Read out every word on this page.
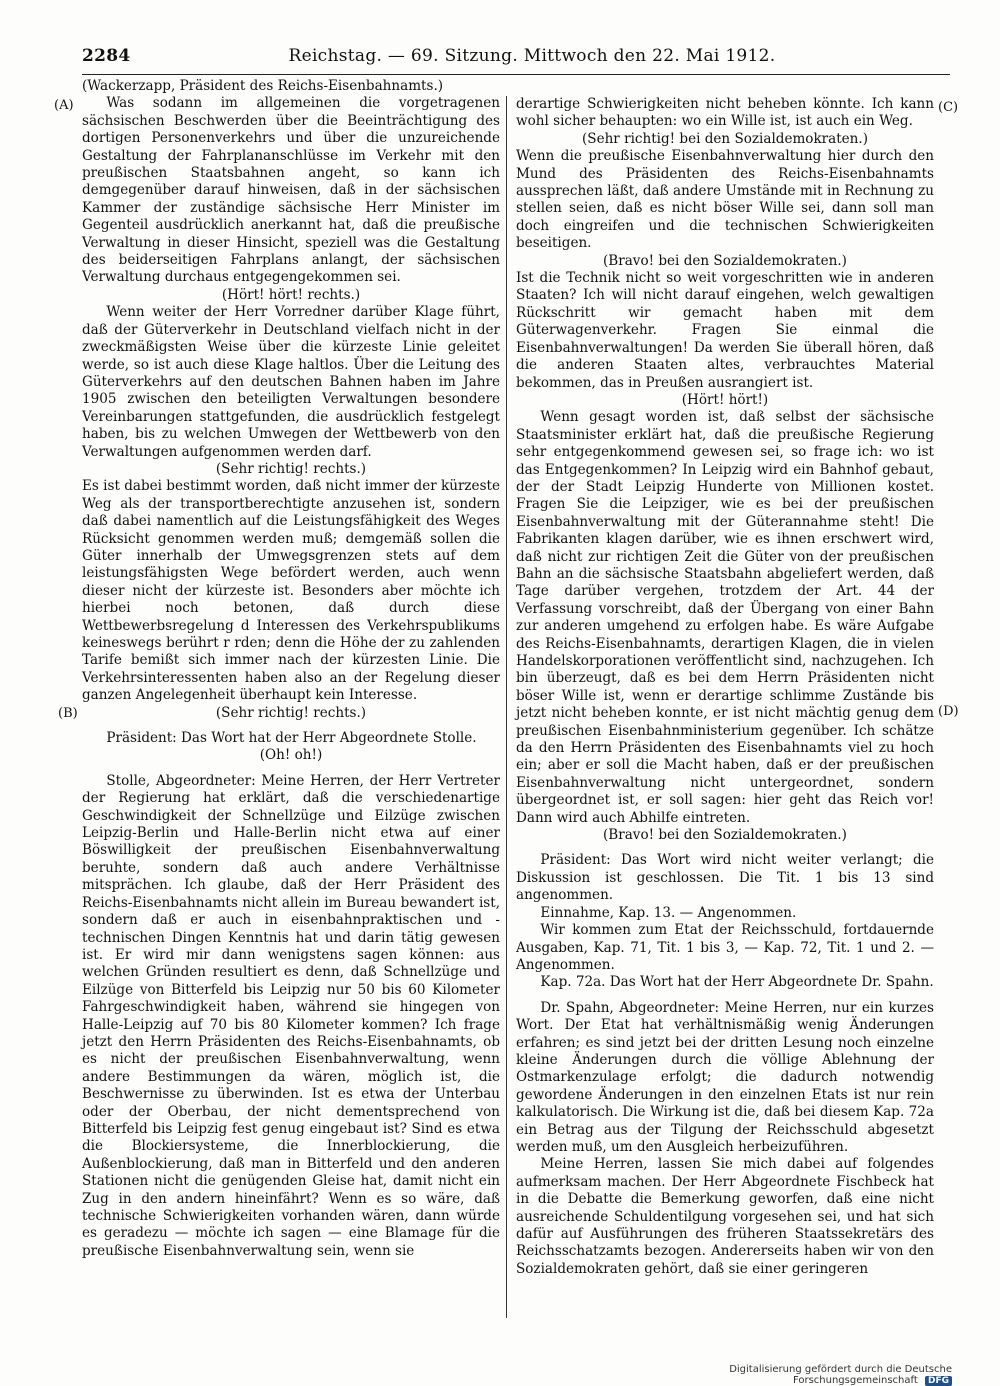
2284	Reichstag. — 69. Sitzung. Mittwoch den 22. Mai 1912.
(A)
(B)
(C)
(D)

(Wackerzapp, Präsident des Reichs-Eisenbahnamts.)

Was sodann im allgemeinen die vorgetragenen sächsischen Beschwerden über die Beeinträchtigung des dortigen Personenverkehrs und über die unzureichende Gestaltung der Fahrplananschlüsse im Verkehr mit den preußischen Staatsbahnen angeht, so kann ich demgegenüber darauf hinweisen, daß in der sächsischen Kammer der zuständige sächsische Herr Minister im Gegenteil ausdrücklich anerkannt hat, daß die preußische Verwaltung in dieser Hinsicht, speziell was die Gestaltung des beiderseitigen Fahrplans anlangt, der sächsischen Verwaltung durchaus entgegengekommen sei.

(Hört! hört! rechts.)

Wenn weiter der Herr Vorredner darüber Klage führt, daß der Güterverkehr in Deutschland vielfach nicht in der zweckmäßigsten Weise über die kürzeste Linie geleitet werde, so ist auch diese Klage haltlos. Über die Leitung des Güterverkehrs auf den deutschen Bahnen haben im Jahre 1905 zwischen den beteiligten Verwaltungen besondere Vereinbarungen stattgefunden, die ausdrücklich festgelegt haben, bis zu welchen Umwegen der Wettbewerb von den Verwaltungen aufgenommen werden darf.

(Sehr richtig! rechts.)

Es ist dabei bestimmt worden, daß nicht immer der kürzeste Weg als der transportberechtigte anzusehen ist, sondern daß dabei namentlich auf die Leistungsfähigkeit des Weges Rücksicht genommen werden muß; demgemäß sollen die Güter innerhalb der Umwegsgrenzen stets auf dem leistungsfähigsten Wege befördert werden, auch wenn dieser nicht der kürzeste ist. Besonders aber möchte ich hierbei noch betonen, daß durch diese Wettbewerbsregelung d Interessen des Verkehrspublikums keineswegs berührt r rden; denn die Höhe der zu zahlenden Tarife bemißt sich immer nach der kürzesten Linie. Die Verkehrsinteressenten haben also an der Regelung dieser ganzen Angelegenheit überhaupt kein Interesse.

(Sehr richtig! rechts.)

Präsident: Das Wort hat der Herr Abgeordnete Stolle.

(Oh! oh!)

Stolle, Abgeordneter: Meine Herren, der Herr Vertreter der Regierung hat erklärt, daß die verschiedenartige Geschwindigkeit der Schnellzüge und Eilzüge zwischen Leipzig-Berlin und Halle-Berlin nicht etwa auf einer Böswilligkeit der preußischen Eisenbahnverwaltung beruhte, sondern daß auch andere Verhältnisse mitsprächen. Ich glaube, daß der Herr Präsident des Reichs-Eisenbahnamts nicht allein im Bureau bewandert ist, sondern daß er auch in eisenbahnpraktischen und -technischen Dingen Kenntnis hat und darin tätig gewesen ist. Er wird mir dann wenigstens sagen können: aus welchen Gründen resultiert es denn, daß Schnellzüge und Eilzüge von Bitterfeld bis Leipzig nur 50 bis 60 Kilometer Fahrgeschwindigkeit haben, während sie hingegen von Halle-Leipzig auf 70 bis 80 Kilometer kommen? Ich frage jetzt den Herrn Präsidenten des Reichs-Eisenbahnamts, ob es nicht der preußischen Eisenbahnverwaltung, wenn andere Bestimmungen da wären, möglich ist, die Beschwernisse zu überwinden. Ist es etwa der Unterbau oder der Oberbau, der nicht dementsprechend von Bitterfeld bis Leipzig fest genug eingebaut ist? Sind es etwa die Blockiersysteme, die Innerblockierung, die Außenblockierung, daß man in Bitterfeld und den anderen Stationen nicht die genügenden Gleise hat, damit nicht ein Zug in den andern hineinfährt? Wenn es so wäre, daß technische Schwierigkeiten vorhanden wären, dann würde es geradezu — möchte ich sagen — eine Blamage für die preußische Eisenbahnverwaltung sein, wenn sie

derartige Schwierigkeiten nicht beheben könnte. Ich kann wohl sicher behaupten: wo ein Wille ist, ist auch ein Weg.

(Sehr richtig! bei den Sozialdemokraten.)

Wenn die preußische Eisenbahnverwaltung hier durch den Mund des Präsidenten des Reichs-Eisenbahnamts aussprechen läßt, daß andere Umstände mit in Rechnung zu stellen seien, daß es nicht böser Wille sei, dann soll man doch eingreifen und die technischen Schwierigkeiten beseitigen.

(Bravo! bei den Sozialdemokraten.)

Ist die Technik nicht so weit vorgeschritten wie in anderen Staaten? Ich will nicht darauf eingehen, welch gewaltigen Rückschritt wir gemacht haben mit dem Güterwagenverkehr. Fragen Sie einmal die Eisenbahnverwaltungen! Da werden Sie überall hören, daß die anderen Staaten altes, verbrauchtes Material bekommen, das in Preußen ausrangiert ist.

(Hört! hört!)

Wenn gesagt worden ist, daß selbst der sächsische Staatsminister erklärt hat, daß die preußische Regierung sehr entgegenkommend gewesen sei, so frage ich: wo ist das Entgegenkommen? In Leipzig wird ein Bahnhof gebaut, der der Stadt Leipzig Hunderte von Millionen kostet. Fragen Sie die Leipziger, wie es bei der preußischen Eisenbahnverwaltung mit der Güterannahme steht! Die Fabrikanten klagen darüber, wie es ihnen erschwert wird, daß nicht zur richtigen Zeit die Güter von der preußischen Bahn an die sächsische Staatsbahn abgeliefert werden, daß Tage darüber vergehen, trotzdem der Art. 44 der Verfassung vorschreibt, daß der Übergang von einer Bahn zur anderen umgehend zu erfolgen habe. Es wäre Aufgabe des Reichs-Eisenbahnamts, derartigen Klagen, die in vielen Handelskorporationen veröffentlicht sind, nachzugehen. Ich bin überzeugt, daß es bei dem Herrn Präsidenten nicht böser Wille ist, wenn er derartige schlimme Zustände bis jetzt nicht beheben konnte, er ist nicht mächtig genug dem preußischen Eisenbahnministerium gegenüber. Ich schätze da den Herrn Präsidenten des Eisenbahnamts viel zu hoch ein; aber er soll die Macht haben, daß er der preußischen Eisenbahnverwaltung nicht untergeordnet, sondern übergeordnet ist, er soll sagen: hier geht das Reich vor! Dann wird auch Abhilfe eintreten.

(Bravo! bei den Sozialdemokraten.)

Präsident: Das Wort wird nicht weiter verlangt; die Diskussion ist geschlossen. Die Tit. 1 bis 13 sind angenommen.

Einnahme, Kap. 13. — Angenommen.

Wir kommen zum Etat der Reichsschuld, fortdauernde Ausgaben, Kap. 71, Tit. 1 bis 3, — Kap. 72, Tit. 1 und 2. — Angenommen.

Kap. 72a. Das Wort hat der Herr Abgeordnete Dr. Spahn.

Dr. Spahn, Abgeordneter: Meine Herren, nur ein kurzes Wort. Der Etat hat verhältnismäßig wenig Änderungen erfahren; es sind jetzt bei der dritten Lesung noch einzelne kleine Änderungen durch die völlige Ablehnung der Ostmarkenzulage erfolgt; die dadurch notwendig gewordene Änderungen in den einzelnen Etats ist nur rein kalkulatorisch. Die Wirkung ist die, daß bei diesem Kap. 72a ein Betrag aus der Tilgung der Reichsschuld abgesetzt werden muß, um den Ausgleich herbeizuführen.

Meine Herren, lassen Sie mich dabei auf folgendes aufmerksam machen. Der Herr Abgeordnete Fischbeck hat in die Debatte die Bemerkung geworfen, daß eine nicht ausreichende Schuldentilgung vorgesehen sei, und hat sich dafür auf Ausführungen des früheren Staatssekretärs des Reichsschatzamts bezogen. Andererseits haben wir von den Sozialdemokraten gehört, daß sie einer geringeren

Digitalisierung gefördert durch die Deutsche Forschungsgemeinschaft DFG
